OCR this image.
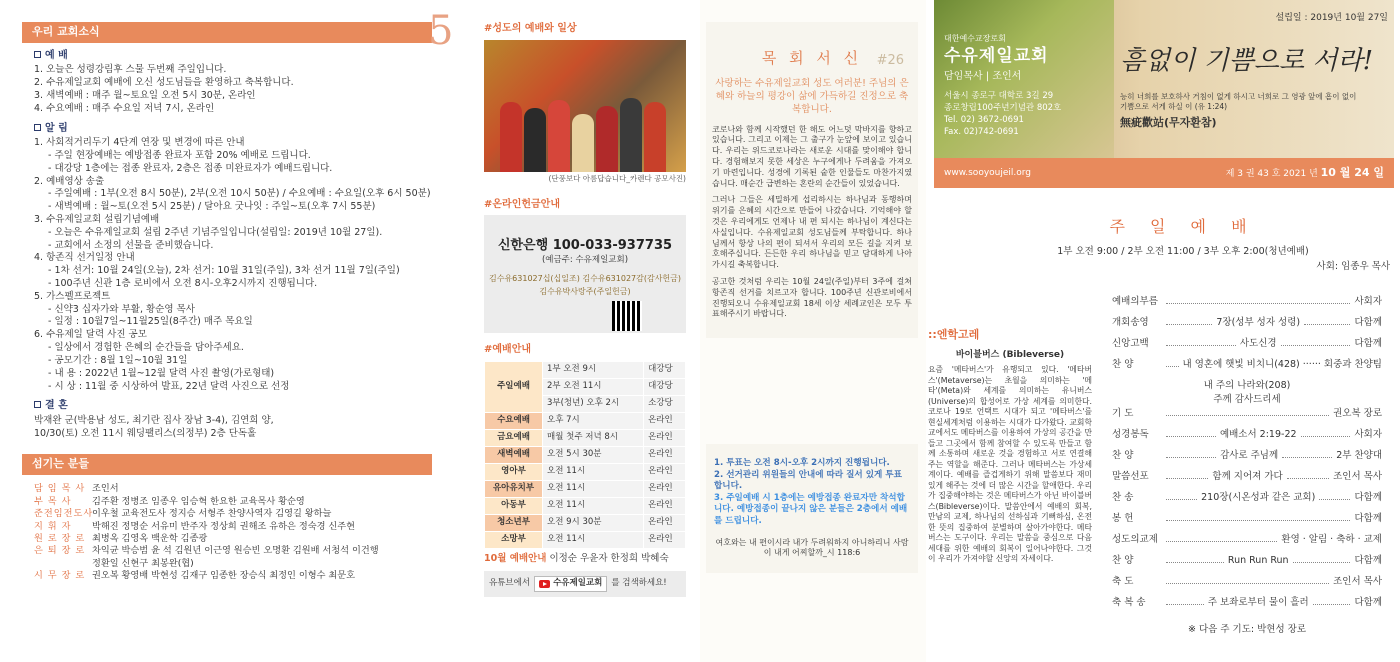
5
우리 교회소식
예 배
1. 오늘은 성령강림후 스물 두번째 주일입니다.
2. 수유제일교회 예배에 오신 성도님들을 환영하고 축복합니다.
3. 새벽예배 : 매주 월~토요일 오전 5시 30분, 온라인
4. 수요예배 : 매주 수요일 저녁 7시, 온라인
알 림
1. 사회적거리두기 4단계 연장 및 변경에 따른 안내
- 주일 현장예배는 예방접종 완료자 포함 20% 예배로 드립니다.
- 대강당 1층에는 접종 완료자, 2층은 접종 미완료자가 예배드립니다.
2. 예배영상 송출
- 주일예배 : 1부(오전 8시 50분), 2부(오전 10시 50분) / 수요예배 : 수요일(오후 6시 50분)
- 새벽예배 : 월~토(오전 5시 25분) / 달아요 굿나잇 : 주일~토(오후 7시 55분)
3. 수유제일교회 설립기념예배
- 오늘은 수유제일교회 설립 2주년 기념주일입니다(설립일: 2019년 10월 27일).
- 교회에서 소정의 선물을 준비했습니다.
4. 항존직 선거일정 안내
- 1차 선거: 10월 24일(오늘), 2차 선거: 10월 31일(주일), 3차 선거 11월 7일(주일)
- 100주년 신관 1층 로비에서 오전 8시-오후2시까지 진행됩니다.
5. 가스펠프로젝트
- 신약3 십자가와 부활, 황순영 목사
- 일정 : 10월7일~11월25일(8주간) 매주 목요일
6. 수유제일 달력 사진 공모
- 일상에서 경험한 은혜의 순간들을 담아주세요.
- 공모기간 : 8월 1일~10월 31일
- 내 용 : 2022년 1월~12월 달력 사진 촬영(가로형태)
- 시 상 : 11월 중 시상하여 발표, 22년 달력 사진으로 선정
결 혼
박재완 군(박용남 성도, 최기란 집사 장남 3-4), 김연희 양,
10/30(토) 오전 11시 웨딩팰리스(의정부) 2층 단독홀
섬기는 분들
담 임 목 사 조인서
부 목 사	김주환 정병조 임종우 임승혁 한요한 교육목사 황순영
준전임전도사
이우철 교육전도사 정지승 서형주 찬양사역자 김영길 왕하늘
지 휘 자	박해진 정명순 서유미 반주자 정상희 권해조 유하은 정숙경 신주현
원 로 장 로 최병옥 김영옥 백운학 김종광
은 퇴 장 로 차익균 박승범 윤 석 김원년 이근영 원승빈 오명환 김원배 서청석 이건행
정환일 신현구 최봉완(협)
시 무 장 로 권오복 황영배 박현성 김재구 임종한 장승식 최정인 이형수 최문호
#성도의 예배와 일상
(단풍보다 아름답습니다_카렌다 공모사진)
#온라인헌금안내
신한은행 100-033-937735
(예금주: 수유제일교회)
김수유631027십(십일조) 김수유631027감(감사헌금)
김수유박사랑주(주일헌금)
#예배안내
주일예배	1부 오전 9시	대강당
	2부 오전 11시	대강당
	3부(청년) 오후 2시	소강당
수요예배	오후 7시	온라인
금요예배	매월 첫주 저녁 8시	온라인
새벽예배	오전 5시 30분	온라인
영아부	오전 11시	온라인
유아유치부	오전 11시	온라인
아동부	오전 11시	온라인
청소년부	오전 9시 30분	온라인
소망부	오전 11시	온라인
10월 예배안내 이정순 우윤자 한정희 박혜숙
유튜브에서	수유제일교회 를 검색하세요!
#26
목 회 서 신
사랑하는 수유제일교회 성도 여러분! 주님의 은혜와 하늘의 평강이 삶에 가득하길 진정으로 축복합니다.

코로나와 함께 시작했던 한 해도 어느덧 막바지를 향하고 있습니다. 그리고 이제는 그 출구가 눈앞에 보이고 있습니다. 우리는 위드코로나라는 새로운 시대를 맞이해야 합니다. 경험해보지 못한 세상은 누구에게나 두려움을 가져오기 마련입니다. 성경에 기록된 숱한 인물들도 마찬가지였습니다. 매순간 급변하는 혼란의 순간들이 있었습니다.

그러나 그들은 세밀하게 섭리하시는 하나님과 동행하며 위기를 은혜의 시간으로 만들어 나갔습니다. 기억해야 할 것은 우리에게도 언제나 내 편 되시는 하나님이 계신다는 사실입니다. 수유제일교회 성도님들께 부탁합니다. 하나님께서 항상 나의 편이 되셔서 우리의 모든 길을 지켜 보호해주십니다. 든든한 우리 하나님을 믿고 담대하게 나아가시길 축복합니다.

공고한 것처럼 우리는 10월 24일(주일)부터 3주에 걸쳐 항존직 선거를 치르고자 합니다. 100주년 신관로비에서 진행되오니 수유제일교회 18세 이상 세례교인은 모두 투표해주시기 바랍니다.

1. 투표는 오전 8시-오후 2시까지 진행됩니다.
2. 선거관리 위원들의 안내에 따라 질서 있게 투표합니다.
3. 주일예배 시 1층에는 예방접종 완료자만 착석합니다. 예방접종이 끝나지 않은 분들은 2층에서 예배를 드립니다.
여호와는 내 편이시라 내가 두려워하지 아니하리니 사람이 내게 어찌할까_시 118:6
::엔학고레
바이블버스 (Bibleverse)
요즘 '메타버스'가 유행되고 있다. '메타버스'(Metaverse)는 초월을 의미하는 '메타'(Meta)와 세계를 의미하는 유니버스(Universe)의 합성어로 가상 세계를 의미한다. 코로나 19로 언택트 시대가 되고 '메타버스'를 현실세계처럼 이용하는 시대가 다가왔다. 교회학교에서도 메타버스를 이용하여 가상의 공간을 만들고 그곳에서 함께 참여할 수 있도록 만들고 함께 소통하며 새로운 것을 경험하고 서로 연결해주는 역할을 해준다. 그러나 메타버스는 가상세계이다. 예배를 즐겁게하기 위해 말씀보다 재미있게 해주는 것에 더 많은 시간을 할애한다. 우리가 집중해야하는 것은 메타버스가 아닌 바이블버스(Bibleverse)이다. 말씀안에서 예배의 회복, 만남의 교제, 하나님의 선하심과 기뻐하심, 온전한 뜻의 집중하여 분별하며 살아가야한다. 메타버스는 도구이다. 우리는 말씀을 중심으로 다음세대를 위한 예배의 회복이 일어나야한다. 그것이 우리가 가져야할 신앙의 자세이다.
설립일 : 2019년 10월 27일
대한예수교장로회
수유제일교회
담임목사 | 조인서
서울시 종로구 대학로 3길 29
종로창립100주년기념관 802호
Tel. 02) 3672-0691
Fax. 02)742-0691
흠없이 기쁨으로 서라!
능히 너희를 보호하사 거침이 없게 하시고 너희로 그 영광 앞에 흠이 없이 기쁨으로 서게 하실 이 (유 1:24)
無疵歡站(무자환참)
www.sooyoujeil.org	제 3 권 43 호 2021 년 10 월 24 일
주 일 예 배
1부 오전 9:00 / 2부 오전 11:00 / 3부 오후 2:00(청년예배)
사회: 임종우 목사
예배의부름	사회자
개회송영	7장(성부 성자 성령)	다함께
신앙고백	사도신경	다함께
찬 양	내 영혼에 햇빛 비치니(428) ······ 회중과 찬양팀
내 주의 나라와(208)
주께 감사드리세
기 도	권오복 장로
성경봉독	예배소서 2:19-22	사회자
찬 양	감사로 주님께	2부 찬양대
말씀선포	함께 지어져 가다	조인서 목사
찬 송	210장(시온성과 같은 교회)	다함께
봉 헌	다함께
성도의교제	환영 · 알림 · 축하 · 교제
찬 양	Run Run Run	다함께
축 도	조인서 목사
축 복 송	주 보좌로부터 물이 흘러	다함께
※ 다음 주 기도: 박현성 장로
